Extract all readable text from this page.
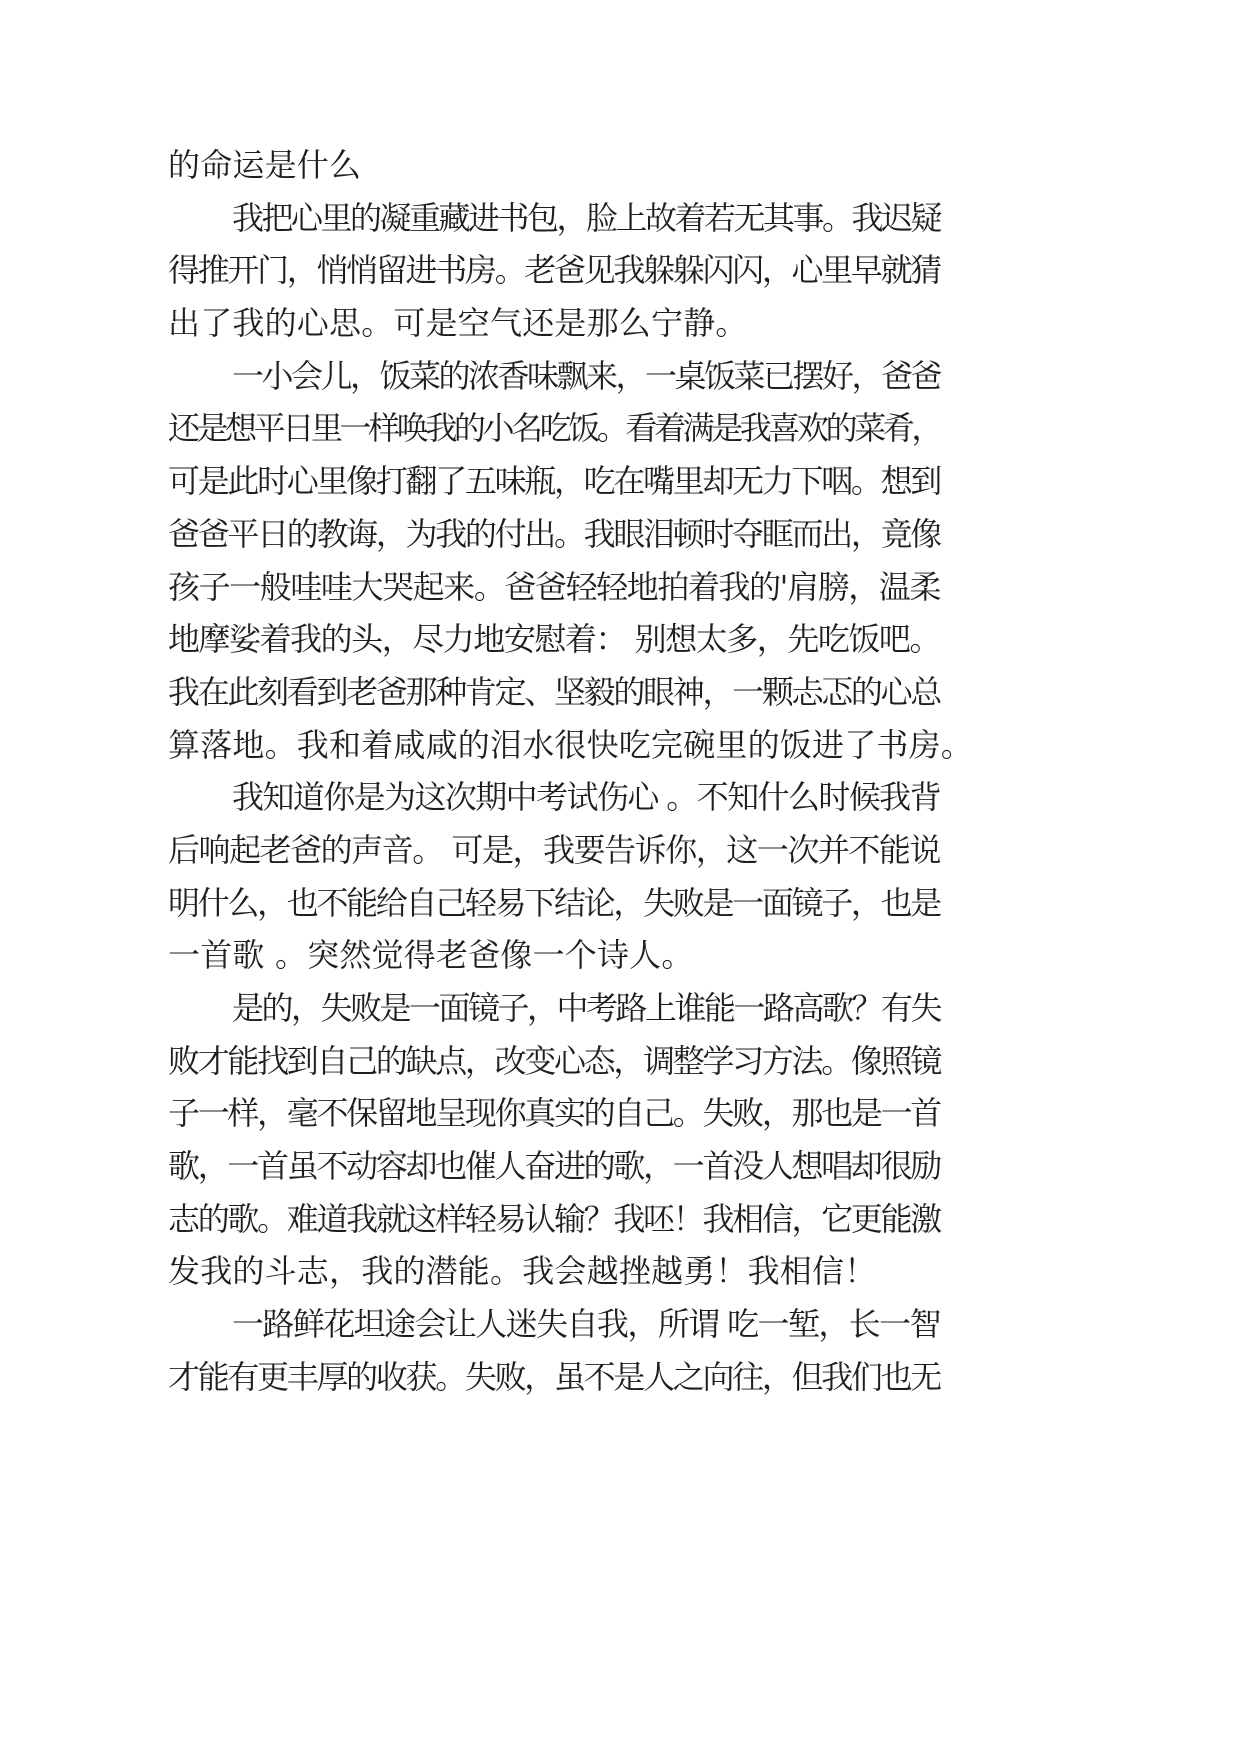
的命运是什么
我把心里的凝重藏进书包，脸上故着若无其事。我迟疑
得推开门，悄悄留进书房。老爸见我躲躲闪闪，心里早就猜
出了我的心思。可是空气还是那么宁静。
一小会儿，饭菜的浓香味飘来，一桌饭菜已摆好，爸爸
还是想平日里一样唤我的小名吃饭。看着满是我喜欢的菜肴，
可是此时心里像打翻了五味瓶，吃在嘴里却无力下咽。想到
爸爸平日的教诲，为我的付出。我眼泪顿时夺眶而出，竟像
孩子一般哇哇大哭起来。爸爸轻轻地拍着我的'肩膀，温柔
地摩娑着我的头，尽力地安慰着： 别想太多，先吃饭吧。
我在此刻看到老爸那种肯定、坚毅的眼神，一颗忐忑的心总
算落地。我和着咸咸的泪水很快吃完碗里的饭进了书房。
我知道你是为这次期中考试伤心 。不知什么时候我背
后响起老爸的声音。 可是，我要告诉你，这一次并不能说
明什么，也不能给自己轻易下结论，失败是一面镜子，也是
一首歌 。突然觉得老爸像一个诗人。
是的，失败是一面镜子，中考路上谁能一路高歌？有失
败才能找到自己的缺点，改变心态，调整学习方法。像照镜
子一样，毫不保留地呈现你真实的自己。失败，那也是一首
歌，一首虽不动容却也催人奋进的歌，一首没人想唱却很励
志的歌。难道我就这样轻易认输？我呸！我相信，它更能激
发我的斗志，我的潜能。我会越挫越勇！我相信！
一路鲜花坦途会让人迷失自我，所谓 吃一堑，长一智
才能有更丰厚的收获。失败，虽不是人之向往，但我们也无
